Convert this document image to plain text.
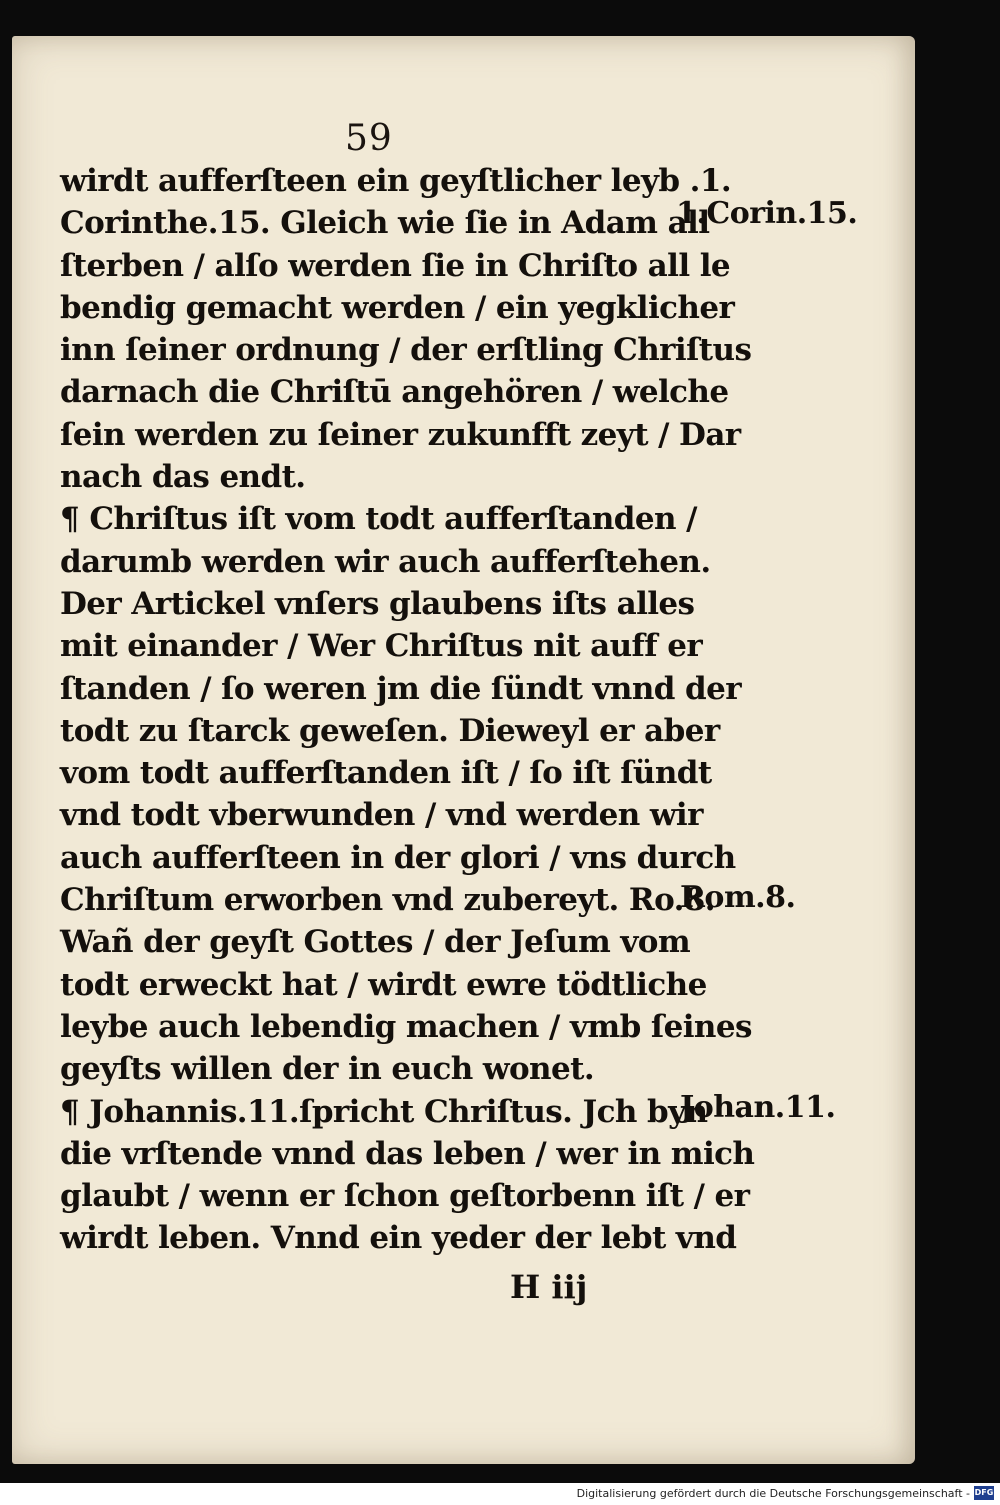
59
wirdt aufferſteen ein geyſtlicher leyb .1.
Corinthe.15. Gleich wie ſie in Adam all
ſterben / alſo werden ſie in Chriſto all le
bendig gemacht werden / ein yegklicher
inn ſeiner ordnung / der erſtling Chriſtus
darnach die Chriſtū angehören / welche
ſein werden zu ſeiner zukunfft zeyt / Dar
nach das endt.
¶ Chriſtus iſt vom todt aufferſtanden /
darumb werden wir auch aufferſtehen.
Der Artickel vnſers glaubens iſts alles
mit einander / Wer Chriſtus nit auff er
ſtanden / ſo weren jm die ſündt vnnd der
todt zu ſtarck geweſen. Dieweyl er aber
vom todt aufferſtanden iſt / ſo iſt ſündt
vnd todt vberwunden / vnd werden wir
auch aufferſteen in der glori / vns durch
Chriſtum erworben vnd zubereyt. Ro.8.
Wañ der geyſt Gottes / der Jeſum vom
todt erweckt hat / wirdt ewre tödtliche
leybe auch lebendig machen / vmb ſeines
geyſts willen der in euch wonet.
¶ Johannis.11.ſpricht Chriſtus. Jch byn
die vrſtende vnnd das leben / wer in mich
glaubt / wenn er ſchon geſtorbenn iſt / er
wirdt leben. Vnnd ein yeder der lebt vnd
1.Corin.15.
Rom.8.
Johan.11.
H iij
Digitalisierung gefördert durch die Deutsche Forschungsgemeinschaft - DFG
